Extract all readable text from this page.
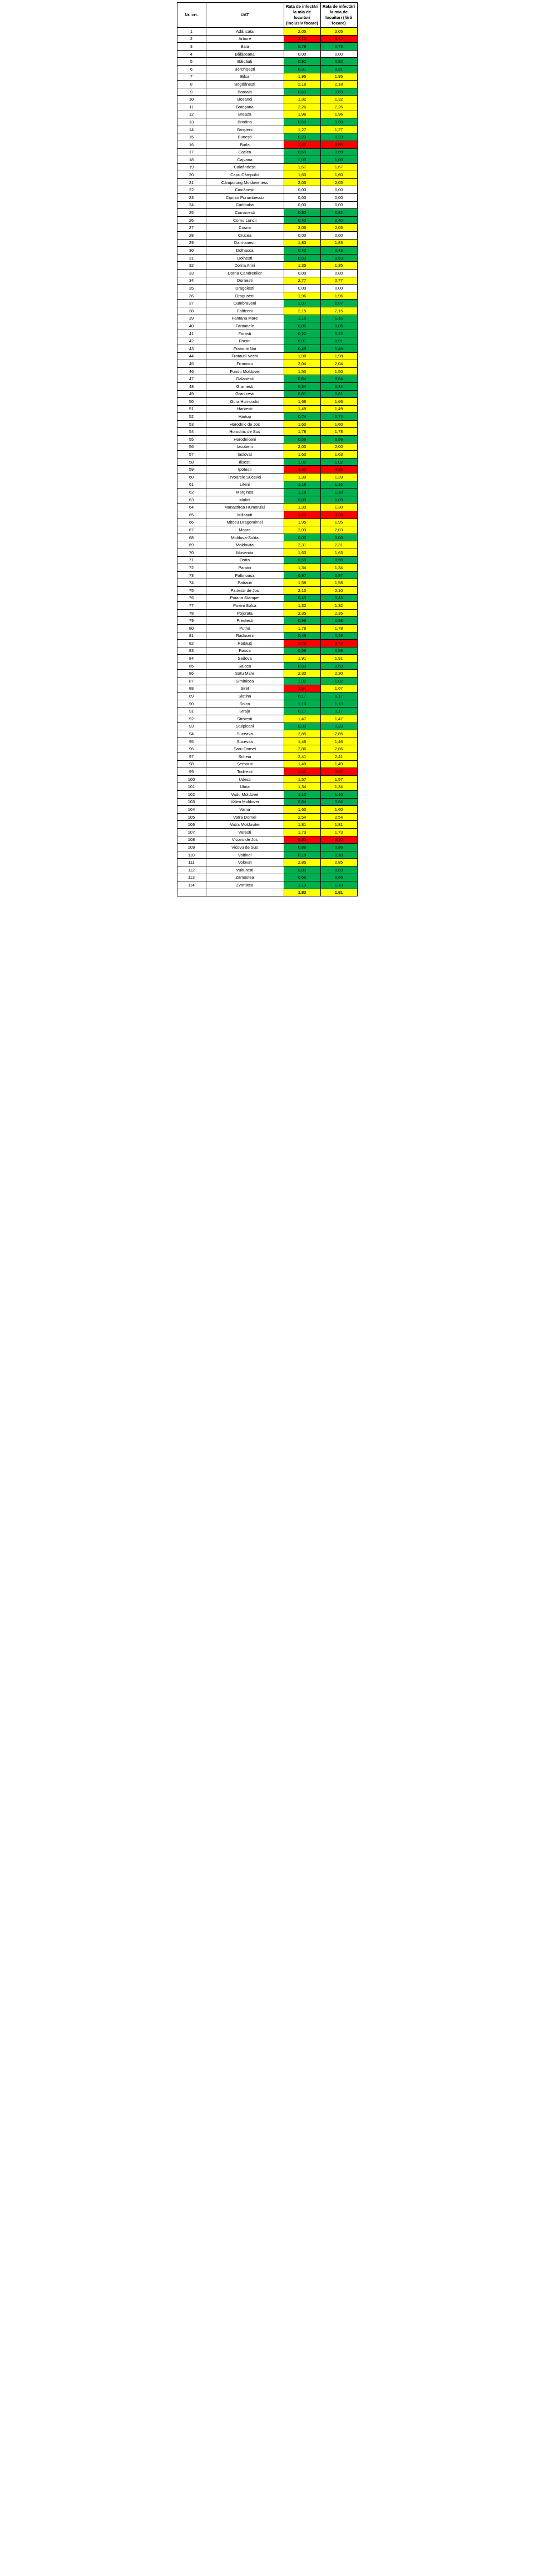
Nr. crt.	UAT	Rata de infectări la mia de locuitori (inclusiv focare)	Rata de infectări la mia de locuitori (fără focare)
1	Adâncata	2,05	2,05
2	Arbore	3,12	3,12
3	Baia	0,78	0,78
4	Bălăceana	0,00	0,00
5	Bălcăuți	0,92	0,92
6	Berchișești	0,31	0,31
7	Bilca	1,95	1,95
8	Bogdănești	2,18	2,18
9	Boroaia	0,63	0,63
10	Bosanci	1,32	1,32
11	Botoșana	2,26	2,26
12	Breaza	1,96	1,96
13	Brodina	0,50	0,50
14	Broșteni	1,27	1,27
15	Bunești	0,23	0,23
16	Burla	3,55	3,55
17	Cacica	0,69	0,69
18	Cajvana	1,00	1,00
19	Calafindești	1,67	1,67
20	Capu Câmpului	1,60	1,60
21	Câmpulung Moldovenesc	2,05	2,05
22	Ciocănești	0,00	0,00
23	Ciprian Porumbescu	0,00	0,00
24	Carlibaba	0,00	0,00
25	Comanesti	0,82	0,82
26	Cornu Luncii	0,40	0,40
27	Cosna	2,05	2,05
28	Crucea	0,00	0,00
29	Darmanesti	1,83	1,83
30	Dolhasca	0,43	0,43
31	Dolhesti	0,53	0,53
32	Dorna Arini	1,35	1,35
33	Dorna Candrenilor	0,00	0,00
34	Dornesti	2,77	2,77
35	Dragoiesti	0,00	0,00
36	Draguseni	1,96	1,96
37	Dumbraveni	1,07	1,07
38	Falticeni	2,15	2,15
39	Fantana Mare	1,15	1,15
40	Fantanele	0,85	0,85
41	Forasti	0,22	0,22
42	Frasin	0,91	0,91
43	Fratautii Noi	0,49	0,49
44	Fratautii Vechi	1,98	1,98
45	Frumosu	2,04	2,04
46	Fundu Moldovei	1,50	1,50
47	Galanesti	0,64	0,64
48	Gramesti	0,34	0,34
49	Granicesti	0,81	0,81
50	Gura Humorului	1,66	1,66
51	Hantesti	1,49	1,49
52	Hartop	0,74	0,74
53	Horodnic de Jos	1,60	1,60
54	Horodnic de Sus	1,78	1,78
55	Horodniceni	0,56	0,56
56	Iacobeni	2,00	2,00
57	Iaslovat	1,63	1,63
58	Ilisesti	1,02	1,02
59	Ipotesti	4,36	4,36
60	Izvoarele Sucevei	1,39	1,39
61	Liteni	1,16	1,16
62	Marginea	1,18	1,18
63	Malini	0,89	0,89
64	Manastirea Humorului	1,30	1,30
65	Milisauti	3,20	3,20
66	Mitocu Dragomirnei	1,95	1,95
67	Moara	2,03	2,03
68	Moldova-Sulita	0,00	0,00
69	Moldovita	2,31	2,31
70	Musenita	1,63	1,63
71	Ostra	0,58	0,58
72	Panaci	1,34	1,34
73	Paltinoasa	0,97	0,97
74	Patrauti	1,58	1,58
75	Partestii de Jos	2,10	2,10
76	Poiana Stampei	0,43	0,43
77	Poieni Solca	1,32	1,32
78	Pojorata	2,35	2,35
79	Preutesti	0,98	0,98
80	Putna	1,78	1,78
81	Radaseni	0,49	0,49
82	Radauti	3,79	3,79
83	Rasca	0,58	0,58
84	Sadova	1,91	1,91
85	Salcea	0,53	0,53
86	Satu Mare	2,30	2,30
87	Siminicea	1,02	1,02
88	Siret	3,34	1,67
89	Slatina	0,17	0,17
90	Solca	1,13	1,13
91	Straja	0,17	0,17
92	Stroiesti	1,47	1,47
93	Stulpicani	0,33	0,33
94	Suceava	2,85	2,85
95	Sucevita	1,46	1,46
96	Șaru Dornei	2,86	2,86
97	Șcheia	2,41	2,41
98	Șerbauti	1,49	1,49
99	Todiresti	3,42	3,42
100	Udesti	1,57	1,57
101	Ulma	1,34	1,34
102	Vadu Moldovei	1,10	1,10
103	Valea Moldovei	0,64	0,64
104	Vama	1,60	1,60
105	Vatra Dornei	2,54	2,54
106	Vatra Moldovitei	1,81	1,81
107	Veresti	1,73	1,73
108	Vicovu de Jos	5,30	5,30
109	Vicovu de Sus	0,86	0,86
110	Voitinel	0,18	0,18
111	Volovat	2,85	2,85
112	Vulturesti	0,83	0,83
113	Zamostea	0,66	0,66
114	Zvoristea	1,13	1,13
		1,83	1,81
